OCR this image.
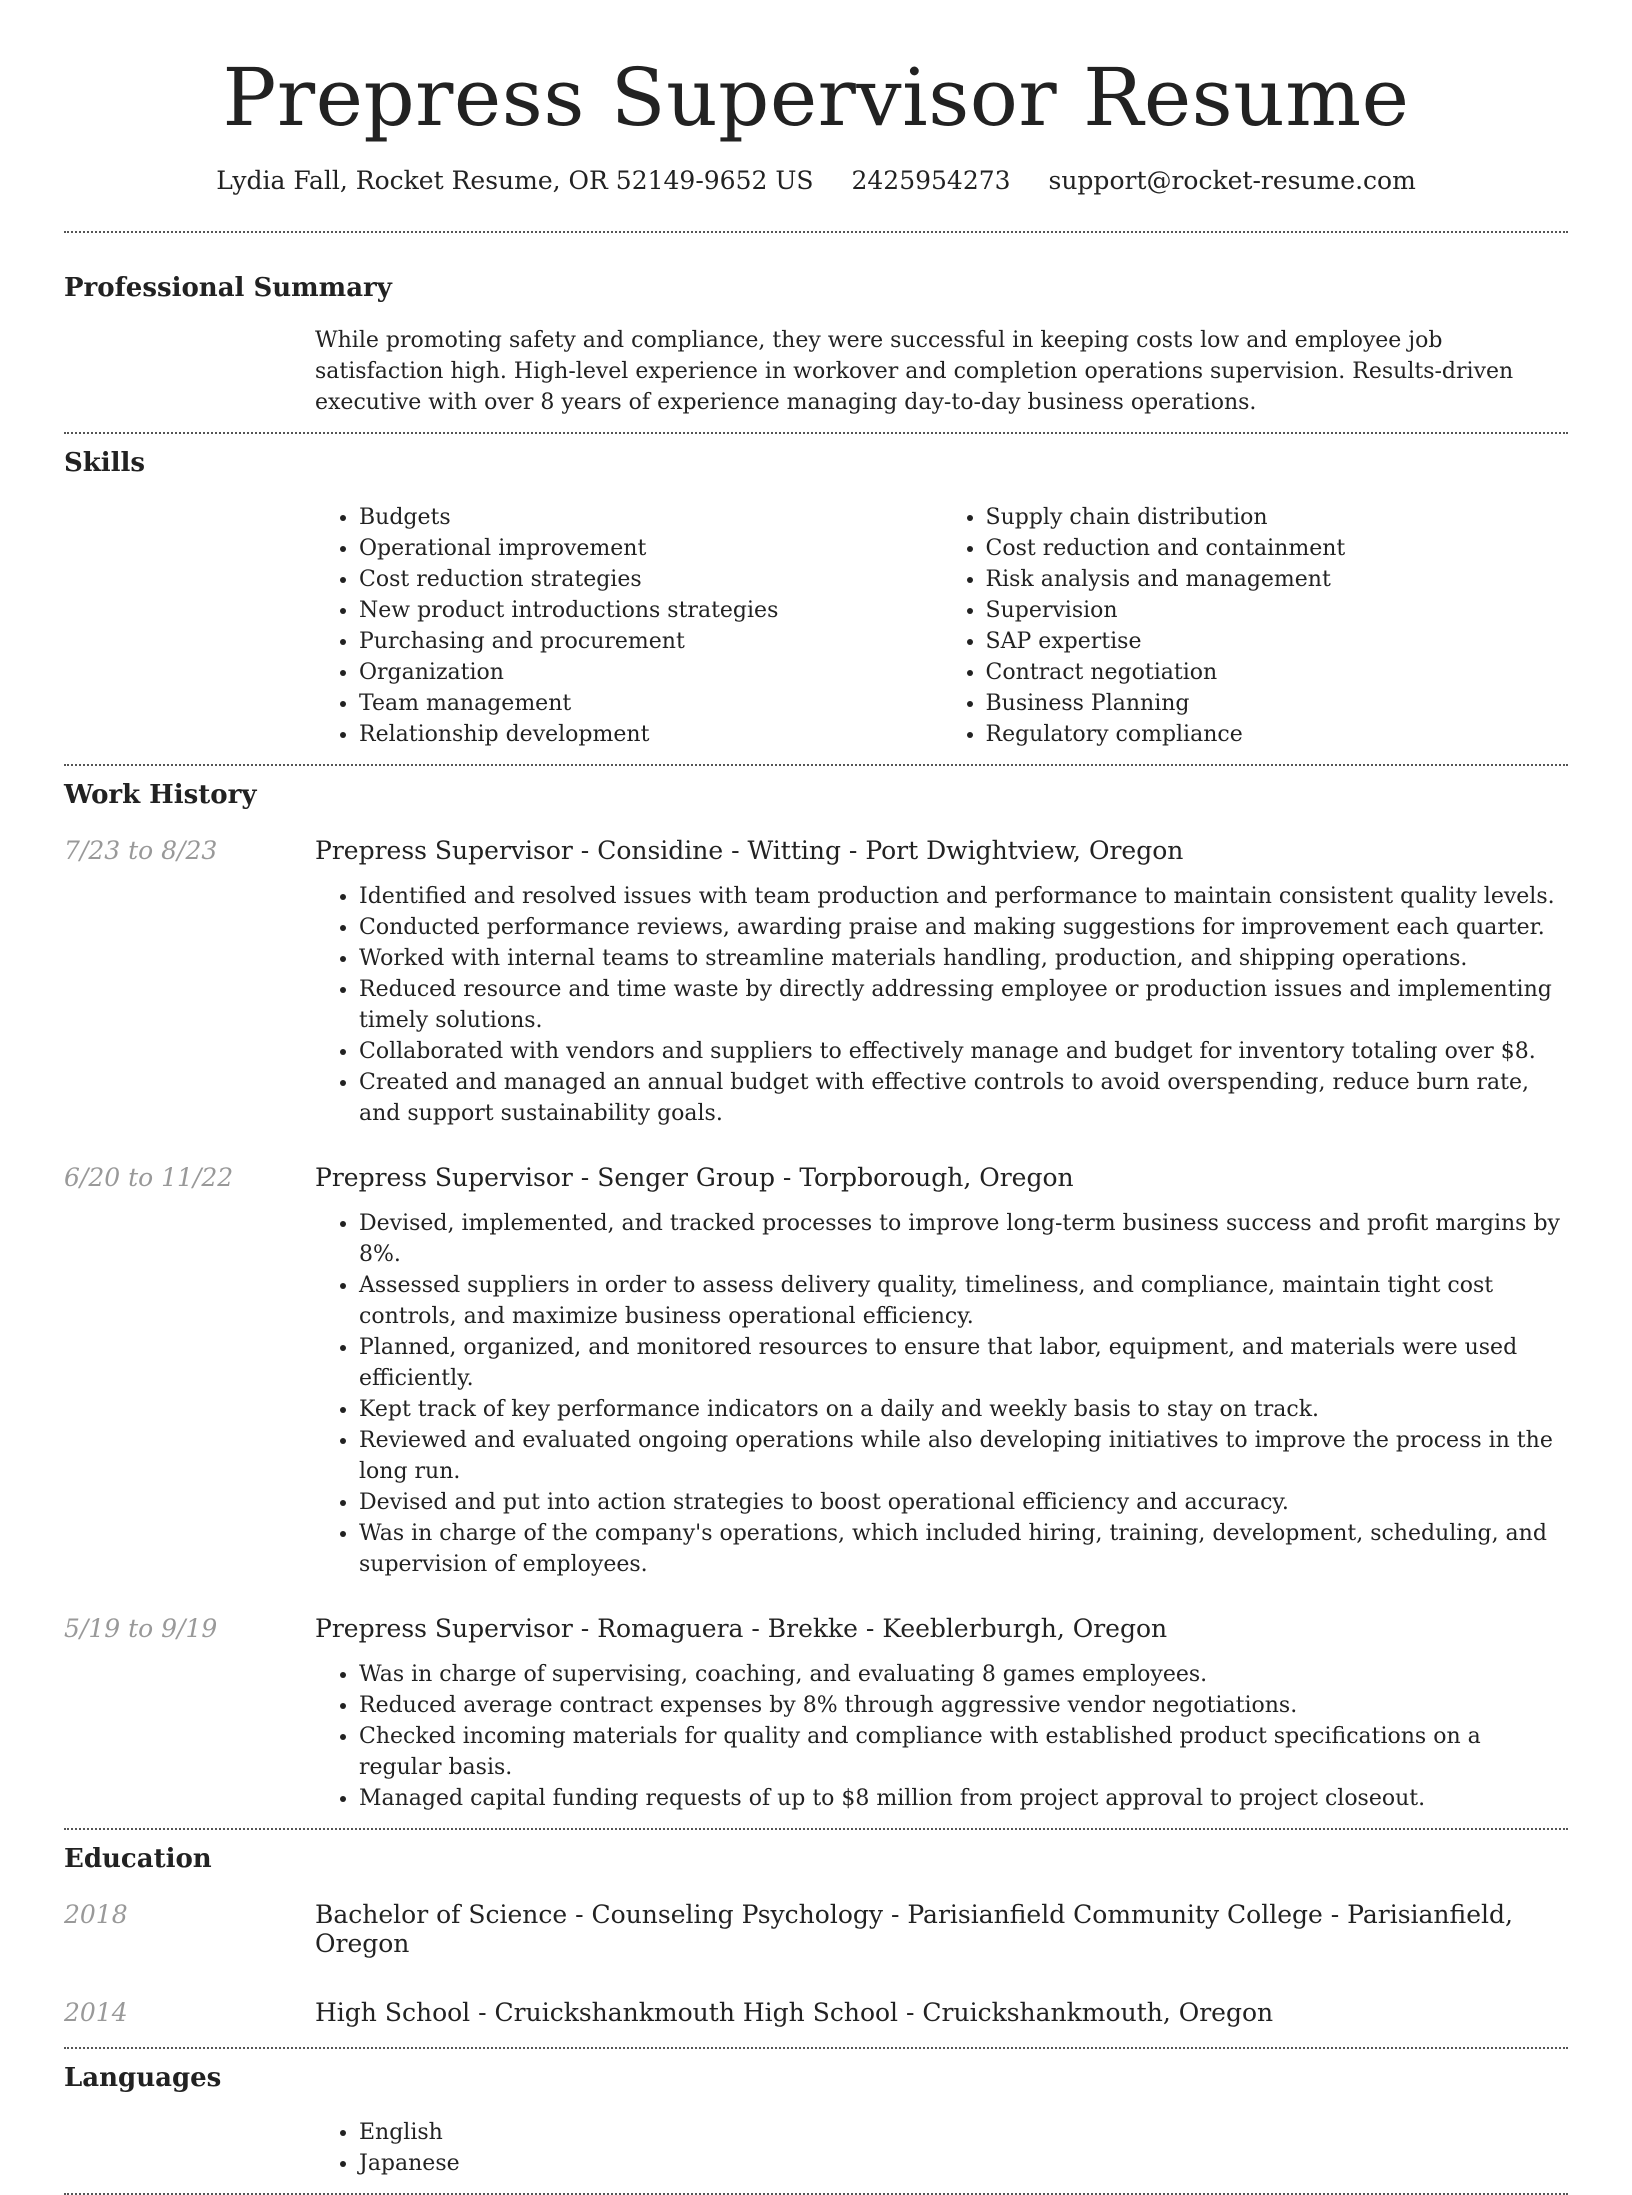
Prepress Supervisor Resume
Lydia Fall, Rocket Resume, OR 52149-9652 US 2425954273 support@rocket-resume.com
Professional Summary
While promoting safety and compliance, they were successful in keeping costs low and employee job satisfaction high. High-level experience in workover and completion operations supervision. Results-driven executive with over 8 years of experience managing day-to-day business operations.
Skills
• Budgets
• Operational improvement
• Cost reduction strategies
• New product introductions strategies
• Purchasing and procurement
• Organization
• Team management
• Relationship development
• Supply chain distribution
• Cost reduction and containment
• Risk analysis and management
• Supervision
• SAP expertise
• Contract negotiation
• Business Planning
• Regulatory compliance
Work History
7/23 to 8/23	Prepress Supervisor - Considine - Witting - Port Dwightview, Oregon
• Identified and resolved issues with team production and performance to maintain consistent quality levels.
• Conducted performance reviews, awarding praise and making suggestions for improvement each quarter.
• Worked with internal teams to streamline materials handling, production, and shipping operations.
• Reduced resource and time waste by directly addressing employee or production issues and implementing timely solutions.
• Collaborated with vendors and suppliers to effectively manage and budget for inventory totaling over $8.
• Created and managed an annual budget with effective controls to avoid overspending, reduce burn rate, and support sustainability goals.
6/20 to 11/22	Prepress Supervisor - Senger Group - Torpborough, Oregon
• Devised, implemented, and tracked processes to improve long-term business success and profit margins by 8%.
• Assessed suppliers in order to assess delivery quality, timeliness, and compliance, maintain tight cost controls, and maximize business operational efficiency.
• Planned, organized, and monitored resources to ensure that labor, equipment, and materials were used efficiently.
• Kept track of key performance indicators on a daily and weekly basis to stay on track.
• Reviewed and evaluated ongoing operations while also developing initiatives to improve the process in the long run.
• Devised and put into action strategies to boost operational efficiency and accuracy.
• Was in charge of the company's operations, which included hiring, training, development, scheduling, and supervision of employees.
5/19 to 9/19	Prepress Supervisor - Romaguera - Brekke - Keeblerburgh, Oregon
• Was in charge of supervising, coaching, and evaluating 8 games employees.
• Reduced average contract expenses by 8% through aggressive vendor negotiations.
• Checked incoming materials for quality and compliance with established product specifications on a regular basis.
• Managed capital funding requests of up to $8 million from project approval to project closeout.
Education
2018	Bachelor of Science - Counseling Psychology - Parisianfield Community College - Parisianfield, Oregon
2014	High School - Cruickshankmouth High School - Cruickshankmouth, Oregon
Languages
• English
• Japanese
